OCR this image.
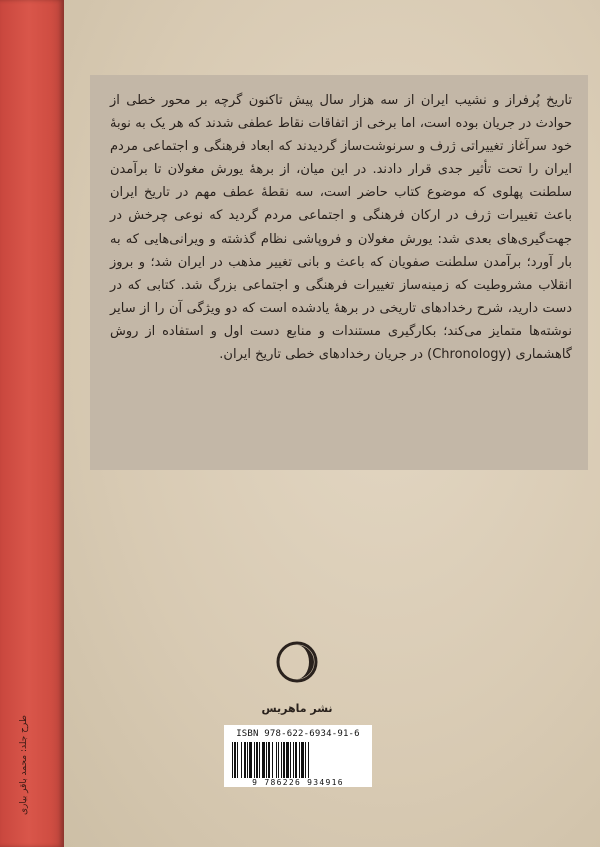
طرح جلد: محمد باقر بیاری

تاریخ پُرفراز و نشیب ایران از سه هزار سال پیش تاکنون گرچه بر محور خطی از حوادث در جریان بوده است، اما برخی از اتفاقات نقاط عطفی شدند که هر یک به نوبهٔ خود سرآغاز تغییراتی ژرف و سرنوشت‌ساز گردیدند که ابعاد فرهنگی و اجتماعی مردم ایران را تحت تأثیر جدی قرار دادند. در این میان، از برههٔ یورش مغولان تا برآمدن سلطنت پهلوی که موضوع کتاب حاضر است، سه نقطهٔ عطف مهم در تاریخ ایران باعث تغییرات ژرف در ارکان فرهنگی و اجتماعی مردم گردید که نوعی چرخش در جهت‌گیری‌های بعدی شد: یورش مغولان و فروپاشی نظام گذشته و ویرانی‌هایی که به بار آورد؛ برآمدن سلطنت صفویان که باعث و بانی تغییر مذهب در ایران شد؛ و بروز انقلاب مشروطیت که زمینه‌ساز تغییرات فرهنگی و اجتماعی بزرگ شد. کتابی که در دست دارید، شرح رخدادهای تاریخی در برههٔ یادشده است که دو ویژگی آن را از سایر نوشته‌ها متمایز می‌کند؛ بکارگیری مستندات و منابع دست اول و استفاده از روش گاهشماری (Chronology) در جریان رخدادهای خطی تاریخ ایران.

نشر ماهریس
ISBN 978-622-6934-91-6
9 786226 934916
